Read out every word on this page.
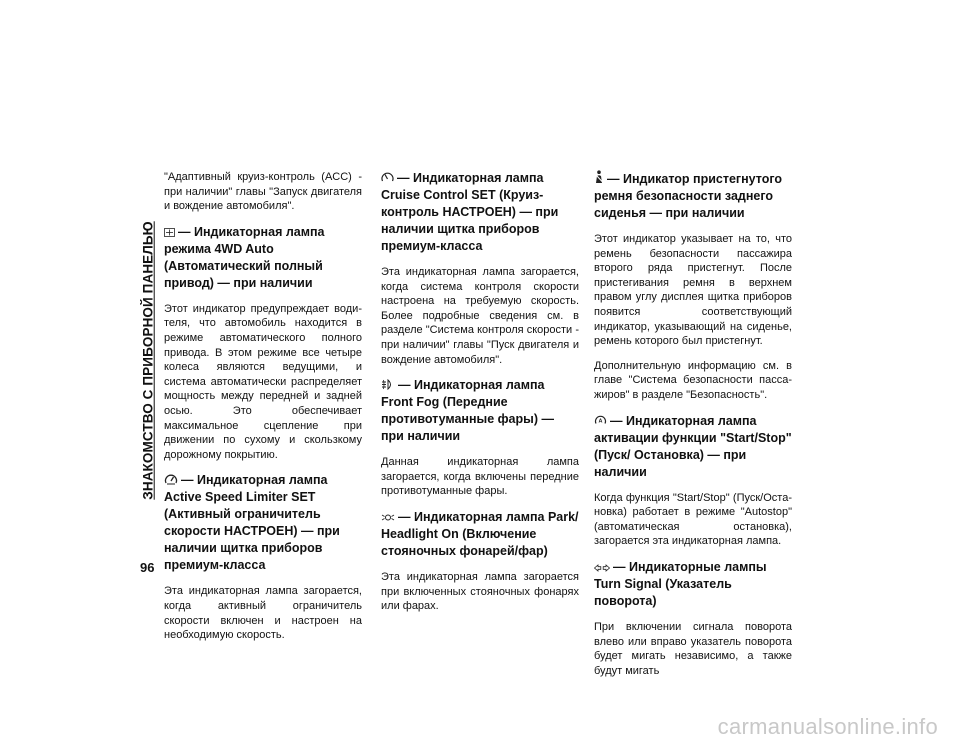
ЗНАКОМСТВО С ПРИБОРНОЙ ПАНЕЛЬЮ
96
"Адаптивный круиз-контроль (ACC) - при наличии" главы "Запуск двигателя и вождение автомобиля".
— Индикаторная лампа режима 4WD Auto (Автоматический полный привод) — при наличии
Этот индикатор предупреждает водителя, что автомобиль находится в режиме автоматического полного привода. В этом режиме все четыре колеса являются ведущими, и система автоматически распределяет мощность между передней и задней осью. Это обеспечивает максимальное сцепление при движении по сухому и скользкому дорожному покрытию.
— Индикаторная лампа Active Speed Limiter SET (Активный ограничитель скорости НАСТРОЕН) — при наличии щитка приборов премиум-класса
Эта индикаторная лампа загорается, когда активный ограничитель скорости включен и настроен на необходимую скорость.
— Индикаторная лампа Cruise Control SET (Круиз-контроль НАСТРОЕН) — при наличии щитка приборов премиум-класса
Эта индикаторная лампа загорается, когда система контроля скорости настроена на требуемую скорость. Более подробные сведения см. в разделе "Система контроля скорости - при наличии" главы "Пуск двигателя и вождение автомобиля".
— Индикаторная лампа Front Fog (Передние противотуманные фары) — при наличии
Данная индикаторная лампа загорается, когда включены передние противотуманные фары.
— Индикаторная лампа Park/ Headlight On (Включение стояночных фонарей/фар)
Эта индикаторная лампа загорается при включенных стояночных фонарях или фарах.
— Индикатор пристегнутого ремня безопасности заднего сиденья — при наличии
Этот индикатор указывает на то, что ремень безопасности пассажира второго ряда пристегнут. После пристегивания ремня в верхнем правом углу дисплея щитка приборов появится соответствующий индикатор, указывающий на сиденье, ремень которого был пристегнут.
Дополнительную информацию см. в главе "Система безопасности пассажиров" в разделе "Безопасность".
A — Индикаторная лампа активации функции "Start/Stop" (Пуск/ Остановка) — при наличии
Когда функция "Start/Stop" (Пуск/Остановка) работает в режиме "Autostop" (автоматическая остановка), загорается эта индикаторная лампа.
— Индикаторные лампы Turn Signal (Указатель поворота)
При включении сигнала поворота влево или вправо указатель поворота будет мигать независимо, а также будут мигать
carmanualsonline.info
